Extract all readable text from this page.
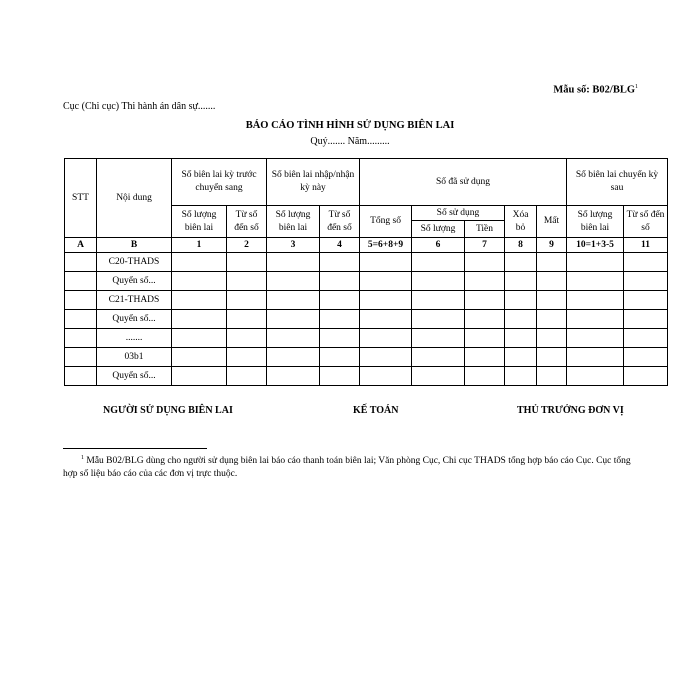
Mẫu số: B02/BLG$^1$
Cục (Chi cục) Thi hành án dân sự.......
BÁO CÁO TÌNH HÌNH SỬ DỤNG BIÊN LAI
Quý....... Năm.........
STT	Nội dung	Số biên lai kỳ trước chuyển sang		Số biên lai nhập/nhận kỳ này		Số đã sử dụng					Số biên lai chuyển kỳ sau	
		Số lượng biên lai	Từ số đến số	Số lượng biên lai	Từ số đến số	Tổng số	Số sử dụng		Xóa bỏ	Mất	Số lượng biên lai	Từ số đến số
							Số lượng	Tiền				
A	B	1	2	3	4	5=6+8+9	6	7	8	9	10=1+3-5	11
	C20-THADS											
	Quyển số...											
	C21-THADS											
	Quyển số...											
	.......											
	03b1											
	Quyển số...											
NGƯỜI SỬ DỤNG BIÊN LAI	KẾ TOÁN	THỦ TRƯỞNG ĐƠN VỊ
$^1$ Mẫu B02/BLG dùng cho người sử dụng biên lai báo cáo thanh toán biên lai; Văn phòng Cục, Chi cục THADS tổng hợp báo cáo Cục. Cục tổng hợp số liệu báo cáo của các đơn vị trực thuộc.
